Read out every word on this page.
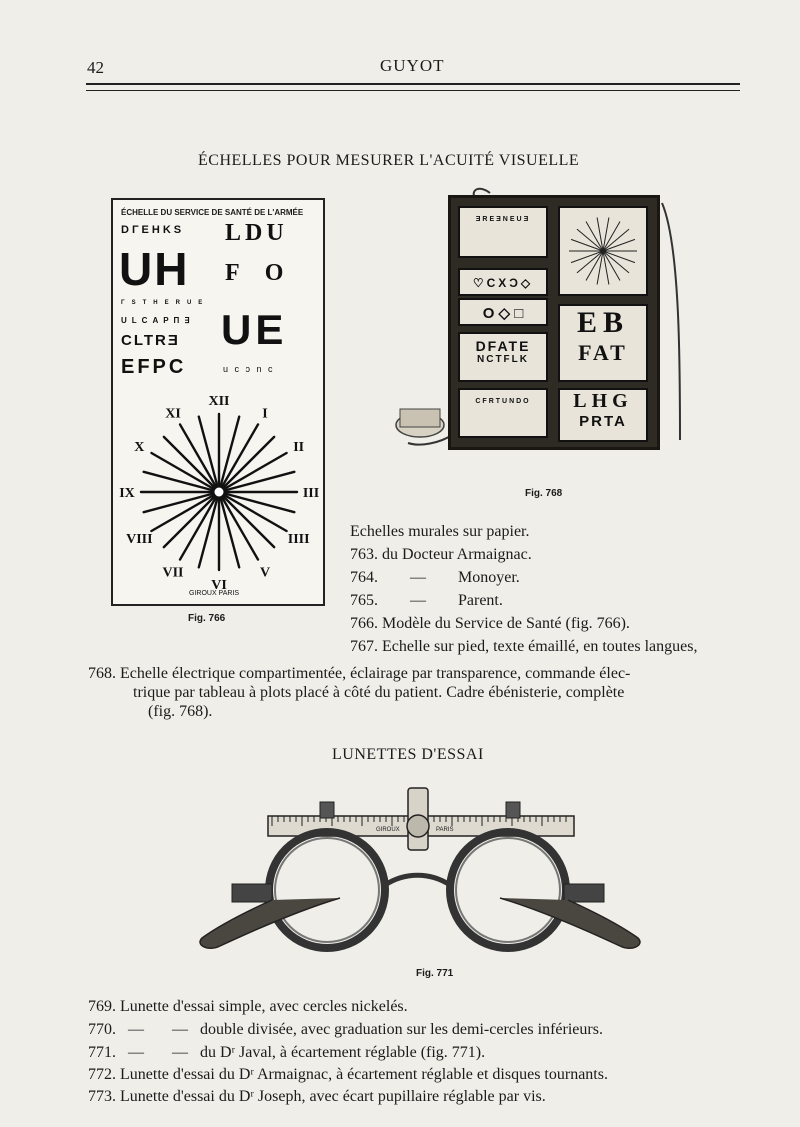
42	GUYOT
ÉCHELLES POUR MESURER L'ACUITÉ VISUELLE
ÉCHELLE DU SERVICE DE SANTÉ DE L'ARMÉE
DΓEHKS LDU
UH F O
ΓSTHERUE
ULCAPΠ∃
CLTRƎ UE
EFPC	u c ɔ n c
XII
I
II
III
IIII
V
VI
VII
VIII
IX
X
XI
GIROUX PARIS
Fig. 766
ƎREƎNEUƎ
♡CXƆ◇
O ◇ □
DFATE
NCTFLK
EB
FAT
CFRTUNDO	LHG
PRTA
Fig. 768
Echelles murales sur papier.
763. du Docteur Armaignac.
764.        —        Monoyer.
765.        —        Parent.
766. Modèle du Service de Santé (fig. 766).
767. Echelle sur pied, texte émaillé, en toutes langues,
768. Echelle électrique compartimentée, éclairage par transparence, commande élec-
trique par tableau à plots placé à côté du patient. Cadre ébénisterie, complète
(fig. 768).
LUNETTES D'ESSAI
GIROUX	PARIS
Fig. 771
769. Lunette d'essai simple, avec cercles nickelés.
770.   —       —   double divisée, avec graduation sur les demi-cercles inférieurs.
771.   —       —   du Dʳ Javal, à écartement réglable (fig. 771).
772. Lunette d'essai du Dʳ Armaignac, à écartement réglable et disques tournants.
773. Lunette d'essai du Dʳ Joseph, avec écart pupillaire réglable par vis.
